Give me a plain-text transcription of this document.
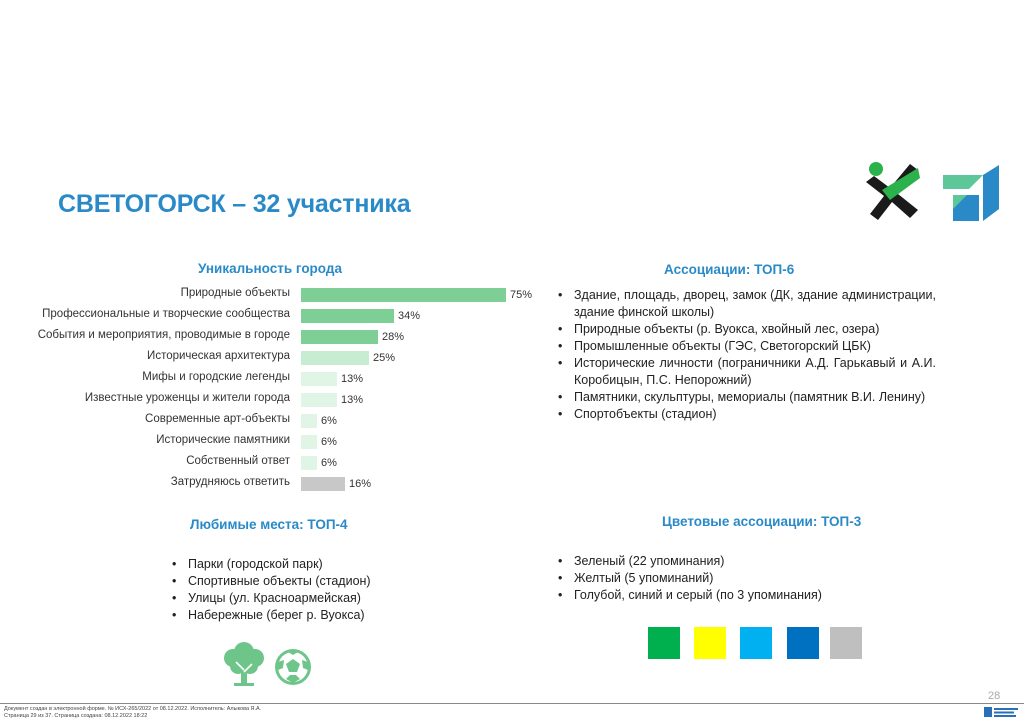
СВЕТОГОРСК – 32 участника
Уникальность города	Ассоциации: ТОП-6
Любимые места: ТОП-4	Цветовые ассоциации: ТОП-3
Природные объекты	75%
Профессиональные и творческие сообщества	34%
События и мероприятия, проводимые в городе	28%
Историческая архитектура	25%
Мифы и городские легенды	13%
Известные уроженцы и жители города	13%
Современные арт-объекты	6%
Исторические памятники	6%
Собственный ответ	6%
Затрудняюсь ответить	16%
• Здание, площадь, дворец, замок (ДК, здание администрации, здание финской школы)
• Природные объекты (р. Вуокса, хвойный лес, озера)
• Промышленные объекты (ГЭС, Светогорский ЦБК)
• Исторические личности (пограничники А.Д. Гарькавый и А.И. Коробицын, П.С. Непорожний)
• Памятники, скульптуры, мемориалы (памятник В.И. Ленину)
• Спортобъекты (стадион)
• Парки (городской парк)
• Спортивные объекты (стадион)
• Улицы (ул. Красноармейская)
• Набережные (берег р. Вуокса)
• Зеленый (22 упоминания)
• Желтый (5 упоминаний)
• Голубой, синий и серый (по 3 упоминания)
28
Документ создан в электронной форме. № ИСХ-265/2022 от 08.12.2022. Исполнитель: Алыкова Я.А.
Страница 29 из 37. Страница создана: 08.12.2022 18:22
